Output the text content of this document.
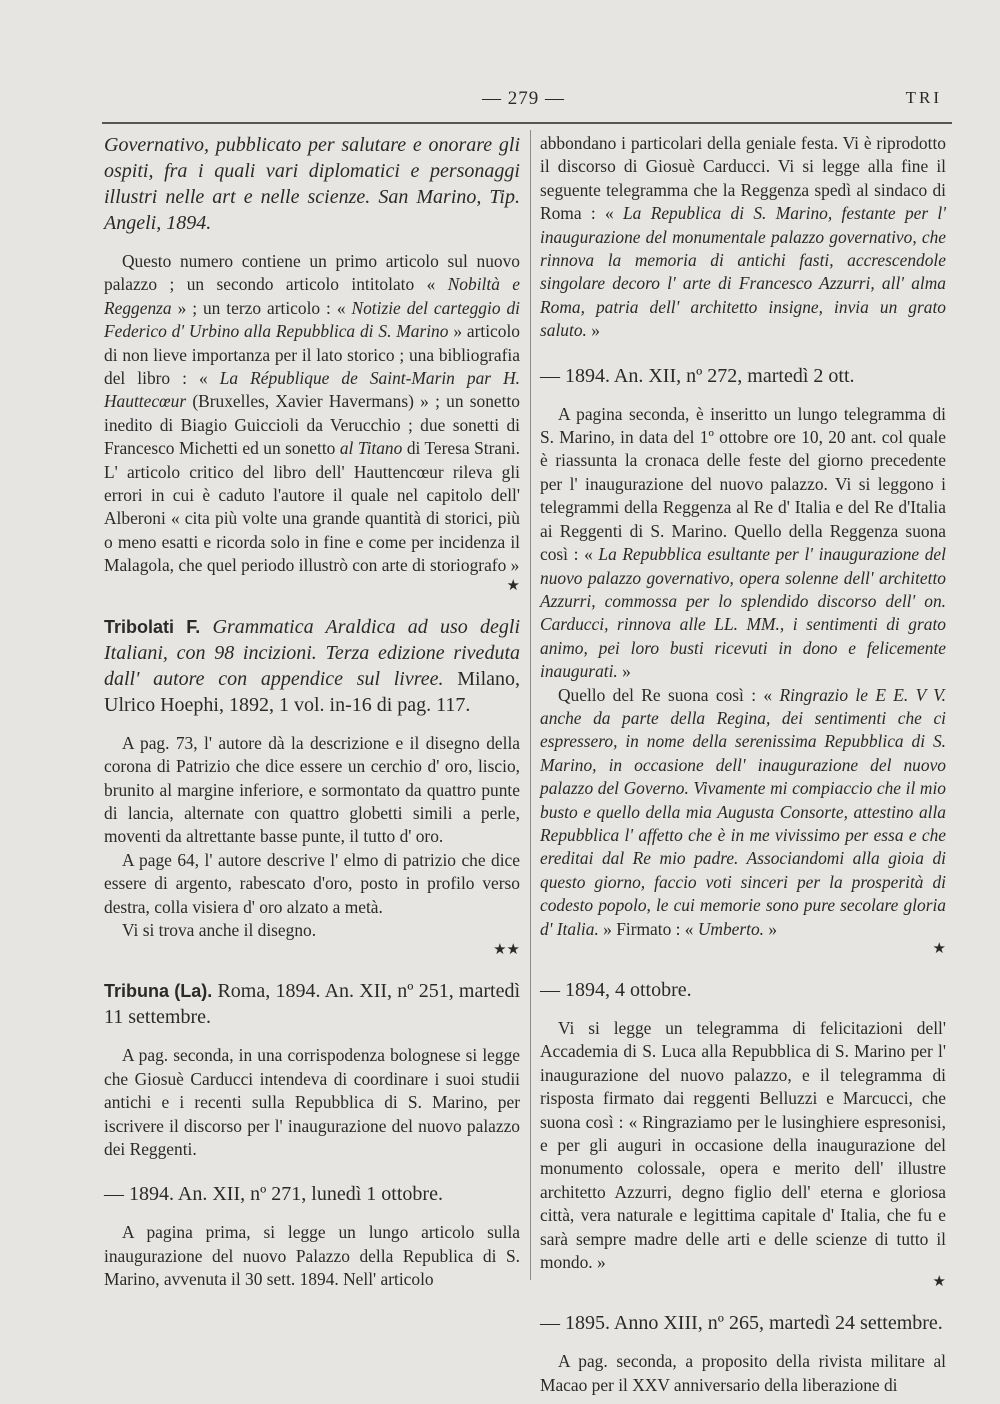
— 279 —	TRI

Governativo, pubblicato per salutare e onorare gli ospiti, fra i quali vari diplomatici e personaggi illustri nelle art e nelle scienze. San Marino, Tip. Angeli, 1894.

Questo numero contiene un primo articolo sul nuovo palazzo ; un secondo articolo intitolato « Nobiltà e Reggenza » ; un terzo articolo : « Notizie del carteggio di Federico d' Urbino alla Repubblica di S. Marino » articolo di non lieve importanza per il lato storico ; una bibliografia del libro : « La République de Saint-Marin par H. Hauttecœur (Bruxelles, Xavier Havermans) » ; un sonetto inedito di Biagio Guiccioli da Verucchio ; due sonetti di Francesco Michetti ed un sonetto al Titano di Teresa Strani. L' articolo critico del libro dell' Hauttencœur rileva gli errori in cui è caduto l'autore il quale nel capitolo dell' Alberoni « cita più volte una grande quantità di storici, più o meno esatti e ricorda solo in fine e come per incidenza il Malagola, che quel periodo illustrò con arte di storiografo »

★

Tribolati F. Grammatica Araldica ad uso degli Italiani, con 98 incizioni. Terza edizione riveduta dall' autore con appendice sul livree. Milano, Ulrico Hoephi, 1892, 1 vol. in-16 di pag. 117.

A pag. 73, l' autore dà la descrizione e il disegno della corona di Patrizio che dice essere un cerchio d' oro, liscio, brunito al margine inferiore, e sormontato da quattro punte di lancia, alternate con quattro globetti simili a perle, moventi da altrettante basse punte, il tutto d' oro.

A page 64, l' autore descrive l' elmo di patrizio che dice essere di argento, rabescato d'oro, posto in profilo verso destra, colla visiera d' oro alzato a metà.

Vi si trova anche il disegno.

★★

Tribuna (La). Roma, 1894. An. XII, nº 251, martedì 11 settembre.

A pag. seconda, in una corrispodenza bolognese si legge che Giosuè Carducci intendeva di coordinare i suoi studii antichi e i recenti sulla Repubblica di S. Marino, per iscrivere il discorso per l' inaugurazione del nuovo palazzo dei Reggenti.

— 1894. An. XII, nº 271, lunedì 1 ottobre.

A pagina prima, si legge un lungo articolo sulla inaugurazione del nuovo Palazzo della Republica di S. Marino, avvenuta il 30 sett. 1894. Nell' articolo

abbondano i particolari della geniale festa. Vi è riprodotto il discorso di Giosuè Carducci. Vi si legge alla fine il seguente telegramma che la Reggenza spedì al sindaco di Roma : « La Republica di S. Marino, festante per l' inaugurazione del monumentale palazzo governativo, che rinnova la memoria di antichi fasti, accrescendole singolare decoro l' arte di Francesco Azzurri, all' alma Roma, patria dell' architetto insigne, invia un grato saluto. »

— 1894. An. XII, nº 272, martedì 2 ott.

A pagina seconda, è inseritto un lungo telegramma di S. Marino, in data del 1º ottobre ore 10, 20 ant. col quale è riassunta la cronaca delle feste del giorno precedente per l' inaugurazione del nuovo palazzo. Vi si leggono i telegrammi della Reggenza al Re d' Italia e del Re d'Italia ai Reggenti di S. Marino. Quello della Reggenza suona così : « La Repubblica esultante per l' inaugurazione del nuovo palazzo governativo, opera solenne dell' architetto Azzurri, commossa per lo splendido discorso dell' on. Carducci, rinnova alle LL. MM., i sentimenti di grato animo, pei loro busti ricevuti in dono e felicemente inaugurati. »

Quello del Re suona così : « Ringrazio le E E. V V. anche da parte della Regina, dei sentimenti che ci espressero, in nome della serenissima Repubblica di S. Marino, in occasione dell' inaugurazione del nuovo palazzo del Governo. Vivamente mi compiaccio che il mio busto e quello della mia Augusta Consorte, attestino alla Repubblica l' affetto che è in me vivissimo per essa e che ereditai dal Re mio padre. Associandomi alla gioia di questo giorno, faccio voti sinceri per la prosperità di codesto popolo, le cui memorie sono pure secolare gloria d' Italia. » Firmato : « Umberto. »

★

— 1894, 4 ottobre.

Vi si legge un telegramma di felicitazioni dell' Accademia di S. Luca alla Repubblica di S. Marino per l' inaugurazione del nuovo palazzo, e il telegramma di risposta firmato dai reggenti Belluzzi e Marcucci, che suona così : « Ringraziamo per le lusinghiere espresonisi, e per gli auguri in occasione della inaugurazione del monumento colossale, opera e merito dell' illustre architetto Azzurri, degno figlio dell' eterna e gloriosa città, vera naturale e legittima capitale d' Italia, che fu e sarà sempre madre delle arti e delle scienze di tutto il mondo. »

★

— 1895. Anno XIII, nº 265, martedì 24 settembre.

A pag. seconda, a proposito della rivista militare al Macao per il XXV anniversario della liberazione di
